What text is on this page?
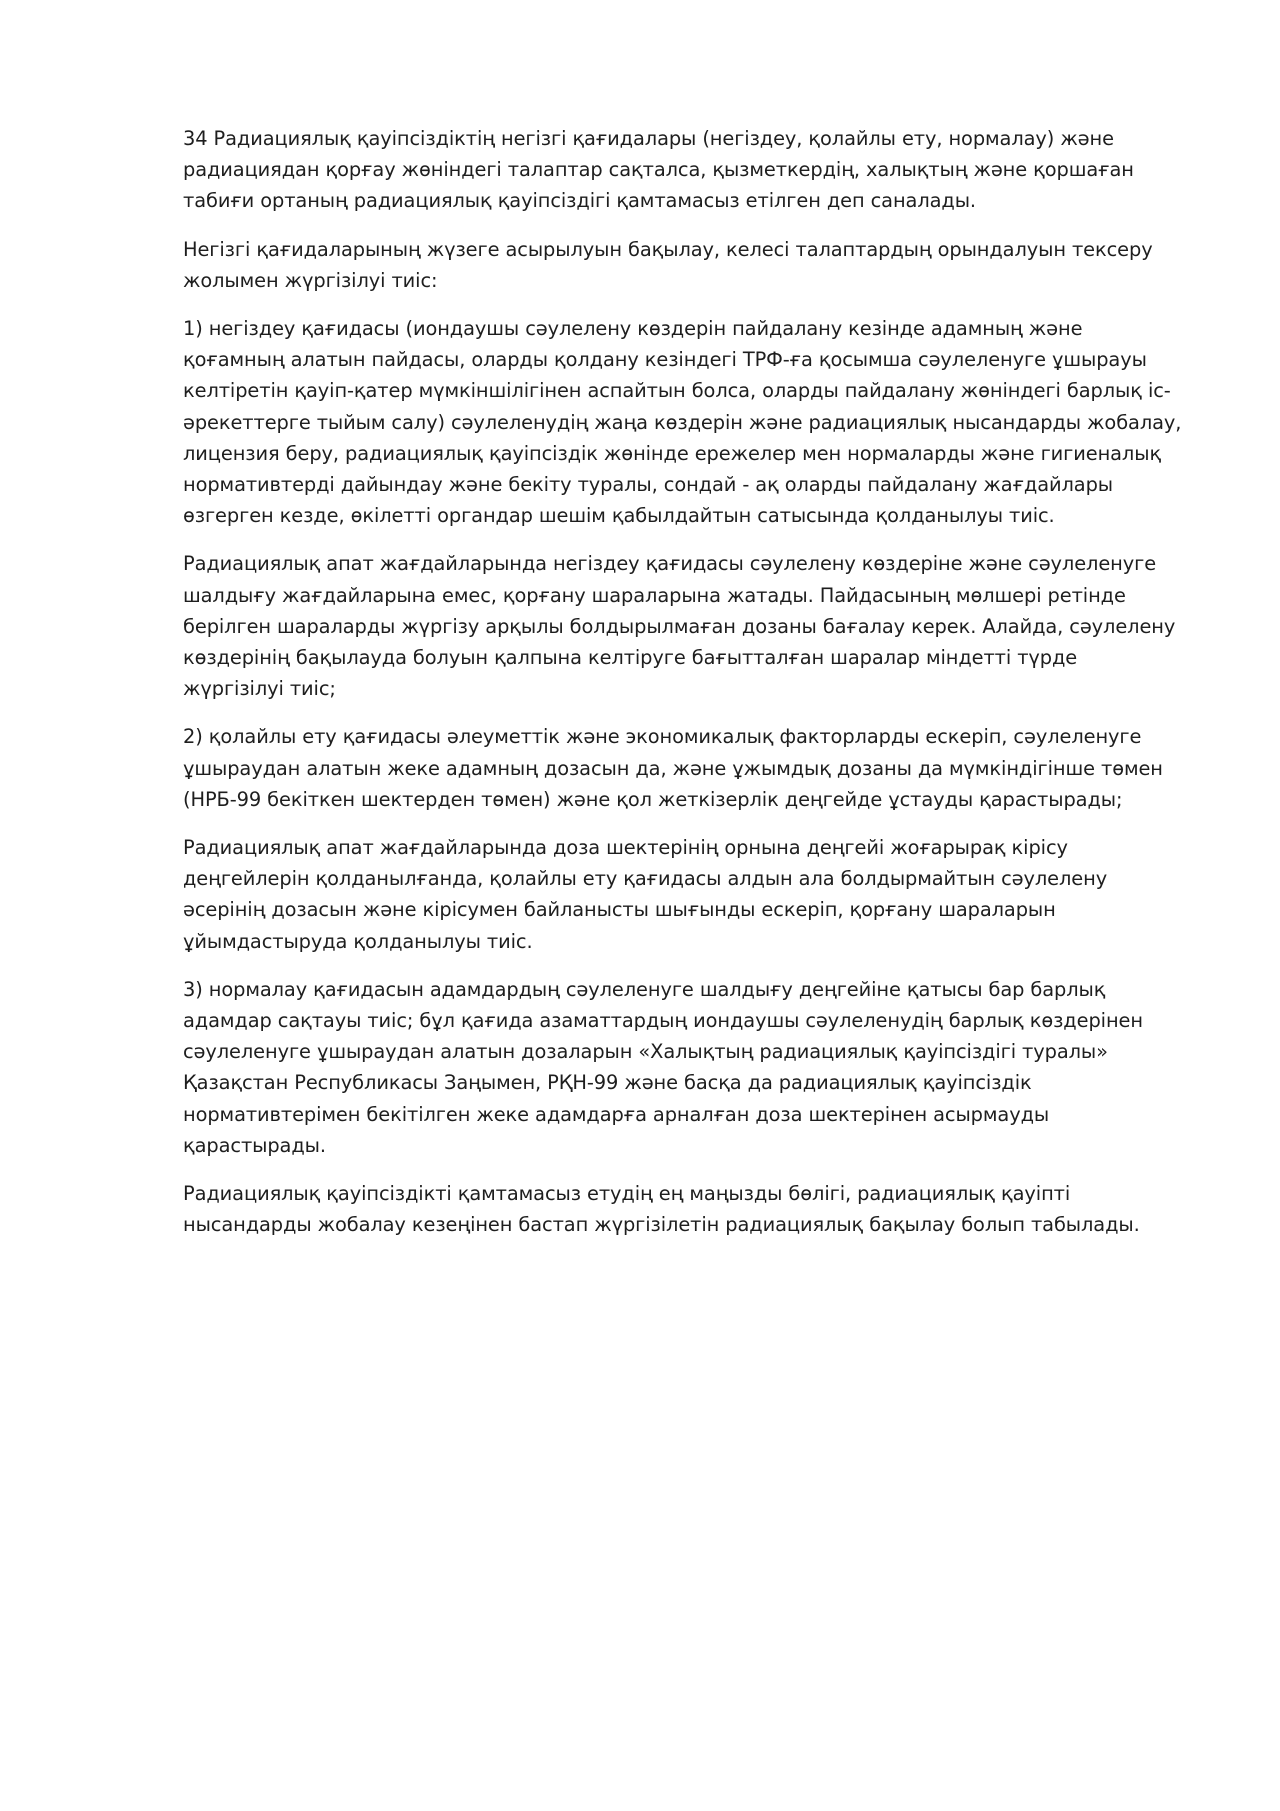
34 Радиациялық қауіпсіздіктің негізгі қағидалары (негіздеу, қолайлы ету, нормалау) және радиациядан қорғау жөніндегі талаптар сақталса, қызметкердің, халықтың және қоршаған табиғи ортаның радиациялық қауіпсіздігі қамтамасыз етілген деп саналады.

Негізгі қағидаларының жүзеге асырылуын бақылау, келесі талаптардың орындалуын тексеру жолымен жүргізілуі тиіс:

1) негіздеу қағидасы (иондаушы сәулелену көздерін пайдалану кезінде адамның және қоғамның алатын пайдасы, оларды қолдану кезіндегі ТРФ-ға қосымша сәулеленуге ұшырауы келтіретін қауіп-қатер мүмкіншілігінен аспайтын болса, оларды пайдалану жөніндегі барлық іс-әрекеттерге тыйым салу) сәулеленудің жаңа көздерін және радиациялық нысандарды жобалау, лицензия беру, радиациялық қауіпсіздік жөнінде ережелер мен нормаларды және гигиеналық нормативтерді дайындау және бекіту туралы, сондай - ақ оларды пайдалану жағдайлары өзгерген кезде, өкілетті органдар шешім қабылдайтын сатысында қолданылуы тиіс.

Радиациялық апат жағдайларында негіздеу қағидасы сәулелену көздеріне және сәулеленуге шалдығу жағдайларына емес, қорғану шараларына жатады. Пайдасының мөлшері ретінде берілген шараларды жүргізу арқылы болдырылмаған дозаны бағалау керек. Алайда, сәулелену көздерінің бақылауда болуын қалпына келтіруге бағытталған шаралар міндетті түрде жүргізілуі тиіс;

2) қолайлы ету қағидасы әлеуметтік және экономикалық факторларды ескеріп, сәулеленуге ұшыраудан алатын жеке адамның дозасын да, және ұжымдық дозаны да мүмкіндігінше төмен (НРБ-99 бекіткен шектерден төмен) және қол жеткізерлік деңгейде ұстауды қарастырады;

Радиациялық апат жағдайларында доза шектерінің орнына деңгейі жоғарырақ кірісу деңгейлерін қолданылғанда, қолайлы ету қағидасы алдын ала болдырмайтын сәулелену әсерінің дозасын және кірісумен байланысты шығынды ескеріп, қорғану шараларын ұйымдастыруда қолданылуы тиіс.

3) нормалау қағидасын адамдардың сәулеленуге шалдығу деңгейіне қатысы бар барлық адамдар сақтауы тиіс; бұл қағида азаматтардың иондаушы сәулеленудің барлық көздерінен сәулеленуге ұшыраудан алатын дозаларын «Халықтың радиациялық қауіпсіздігі туралы» Қазақстан Республикасы Заңымен, РҚН-99 және басқа да радиациялық қауіпсіздік нормативтерімен бекітілген жеке адамдарға арналған доза шектерінен асырмауды қарастырады.

Радиациялық қауіпсіздікті қамтамасыз етудің ең маңызды бөлігі, радиациялық қауіпті нысандарды жобалау кезеңінен бастап жүргізілетін радиациялық бақылау болып табылады.
